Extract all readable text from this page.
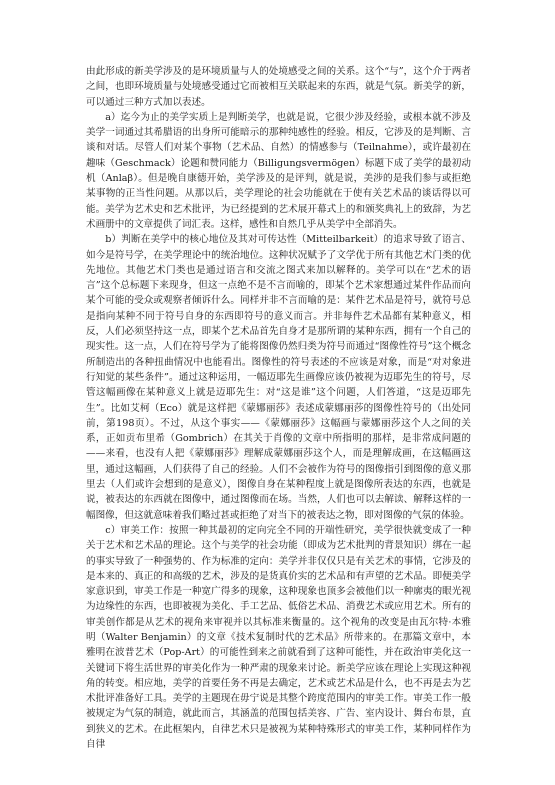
由此形成的新美学涉及的是环境质量与人的处境感受之间的关系。这个“与”，这个介于两者之间，也即环境质量与处境感受通过它而被相互关联起来的东西，就是气氛。新美学的新，可以通过三种方式加以表述。

a）迄今为止的美学实质上是判断美学，也就是说，它很少涉及经验，或根本就不涉及美学一词通过其希腊语的出身所可能暗示的那种纯感性的经验。相反，它涉及的是判断、言谈和对话。尽管人们对某个事物（艺术品、自然）的情感参与（Teilnahme），或许最初在趣味（Geschmack）论题和赞同能力（Billigungsvermögen）标题下成了美学的最初动机（Anlaβ）。但是晚自康德开始，美学涉及的是评判，就是说，美涉的是我们参与或拒绝某事物的正当性问题。从那以后，美学理论的社会功能就在于使有关艺术品的谈话得以可能。美学为艺术史和艺术批评，为已经提到的艺术展开幕式上的和颁奖典礼上的致辞，为艺术画册中的文章提供了词汇表。这样，感性和自然几乎从美学中全部消失。

b）判断在美学中的核心地位及其对可传达性（Mitteilbarkeit）的追求导致了语言、如今是符号学，在美学理论中的统治地位。这种状况赋予了文学优于所有其他艺术门类的优先地位。其他艺术门类也是通过语言和交流之图式来加以解释的。美学可以在“艺术的语言”这个总标题下来现身，但这一点绝不是不言而喻的，即某个艺术家想通过某件作品而向某个可能的受众或观察者倾诉什么。同样并非不言而喻的是：某件艺术品是符号，就符号总是指向某种不同于符号自身的东西即符号的意义而言。并非每件艺术品都有某种意义，相反，人们必须坚持这一点，即某个艺术品首先自身才是那所谓的某种东西，拥有一个自己的现实性。这一点，人们在符号学为了能将图像仍然归类为符号而通过“图像性符号”这个概念所制造出的各种扭曲情况中也能看出。图像性的符号表述的不应该是对象，而是“对对象进行知觉的某些条件”。通过这种运用，一幅迈耶先生画像应该仍被视为迈耶先生的符号，尽管这幅画像在某种意义上就是迈耶先生：对“这是谁”这个问题，人们答道，“这是迈耶先生”。比如艾柯（Eco）就是这样把《蒙娜丽莎》表述成蒙娜丽莎的图像性符号的（出处同前，第198页）。不过，从这个事实——《蒙娜丽莎》这幅画与蒙娜丽莎这个人之间的关系，正如贡布里希（Gombrich）在其关于肖像的文章中所指明的那样，是非常成问题的——来看，也没有人把《蒙娜丽莎》理解成蒙娜丽莎这个人，而是理解成画，在这幅画这里，通过这幅画，人们获得了自己的经验。人们不会被作为符号的图像指引到图像的意义那里去（人们或许会想到的是意义），图像自身在某种程度上就是图像所表达的东西，也就是说，被表达的东西就在图像中，通过图像而在场。当然，人们也可以去解读、解释这样的一幅图像，但这就意味着我们略过甚或拒绝了对当下的被表达之物，即对图像的气氛的体验。

c）审美工作：按照一种其最初的定向完全不同的开端性研究，美学很快就变成了一种关于艺术和艺术品的理论。这个与美学的社会功能（即成为艺术批判的背景知识）绑在一起的事实导致了一种强势的、作为标准的定向：美学并非仅仅只是有关艺术的事情，它涉及的是本来的、真正的和高级的艺术，涉及的是货真价实的艺术品和有声望的艺术品。即便美学家意识到，审美工作是一种宽广得多的现象，这种现象也顶多会被他们以一种廓夷的眼光视为边缘性的东西，也即被视为美化、手工艺品、低俗艺术品、消费艺术或应用艺术。所有的审美创作都是从艺术的视角来审视并以其标准来衡量的。这个视角的改变是由瓦尔特·本雅明（Walter Benjamin）的文章《技术复制时代的艺术品》所带来的。在那篇文章中，本雅明在波普艺术（Pop-Art）的可能性到来之前就看到了这种可能性，并在政治审美化这一关键词下将生活世界的审美化作为一种严肃的现象来讨论。新美学应该在理论上实现这种视角的转变。相应地，美学的首要任务不再是去确定，艺术或艺术品是什么，也不再是去为艺术批评准备好工具。美学的主题现在毋宁说是其整个跨度范围内的审美工作。审美工作一般被规定为气氛的制造，就此而言，其涵盖的范围包括美容、广告、室内设计、舞台布景，直到狭义的艺术。在此框架内，自律艺术只是被视为某种特殊形式的审美工作，某种同样作为自律
